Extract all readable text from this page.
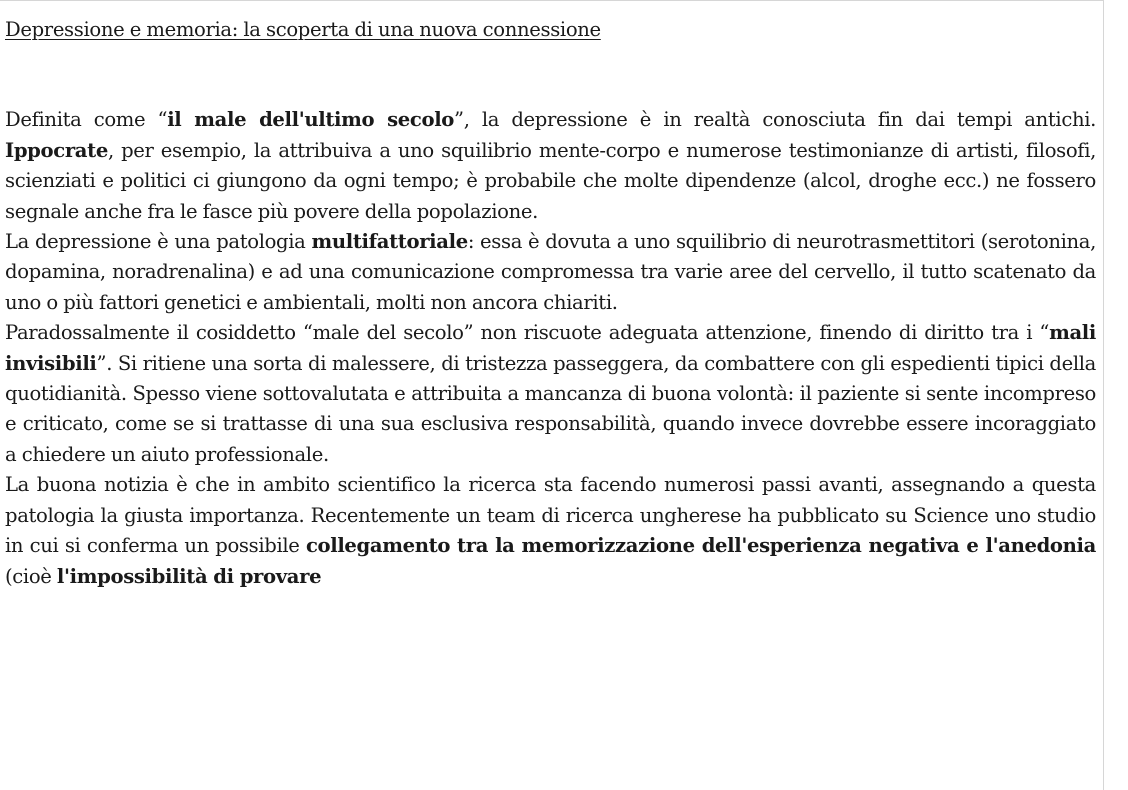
Depressione e memoria: la scoperta di una nuova connessione

Definita come “il male dell'ultimo secolo”, la depressione è in realtà conosciuta fin dai tempi antichi. Ippocrate, per esempio, la attribuiva a uno squilibrio mente-corpo e numerose testimonianze di artisti, filosofi, scienziati e politici ci giungono da ogni tempo; è probabile che molte dipendenze (alcol, droghe ecc.) ne fossero segnale anche fra le fasce più povere della popolazione.

La depressione è una patologia multifattoriale: essa è dovuta a uno squilibrio di neurotrasmettitori (serotonina, dopamina, noradrenalina) e ad una comunicazione compromessa tra varie aree del cervello, il tutto scatenato da uno o più fattori genetici e ambientali, molti non ancora chiariti.

Paradossalmente il cosiddetto “male del secolo” non riscuote adeguata attenzione, finendo di diritto tra i “mali invisibili”. Si ritiene una sorta di malessere, di tristezza passeggera, da combattere con gli espedienti tipici della quotidianità. Spesso viene sottovalutata e attribuita a mancanza di buona volontà: il paziente si sente incompreso e criticato, come se si trattasse di una sua esclusiva responsabilità, quando invece dovrebbe essere incoraggiato a chiedere un aiuto professionale.

La buona notizia è che in ambito scientifico la ricerca sta facendo numerosi passi avanti, assegnando a questa patologia la giusta importanza. Recentemente un team di ricerca ungherese ha pubblicato su Science uno studio in cui si conferma un possibile collegamento tra la memorizzazione dell'esperienza negativa e l'anedonia (cioè l'impossibilità di provare
